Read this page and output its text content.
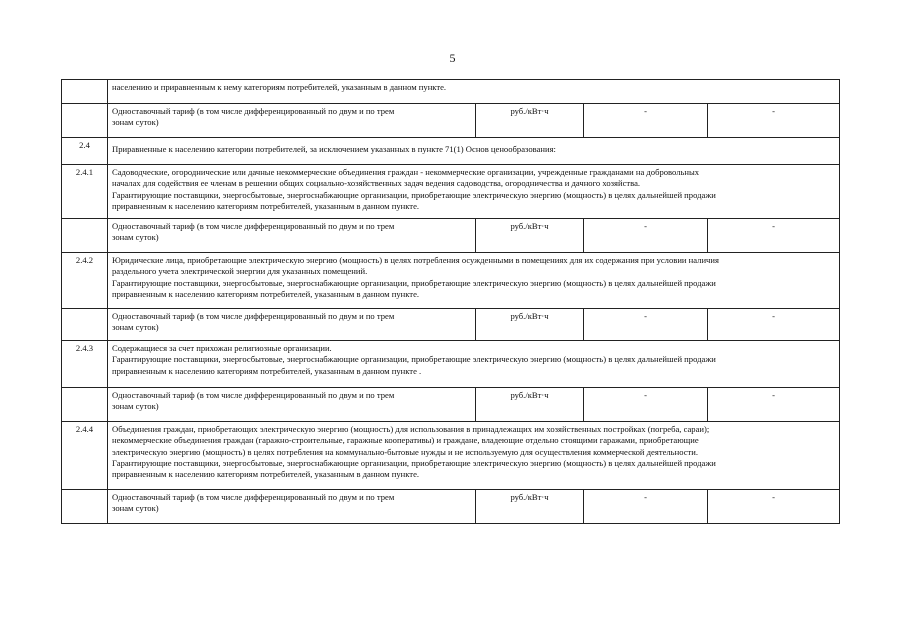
5
	населению и приравненным к нему категориям потребителей, указанным в данном пункте.			

	Одноставочный тариф (в том числе дифференцированный по двум и по трем
зонам суток)	руб./кВт·ч	-	-
2.4	Приравненные к населению категории потребителей, за исключением указанных в пункте 71(1) Основ ценообразования:			
2.4.1	Садоводческие, огороднические или дачные некоммерческие объединения граждан - некоммерческие организации, учрежденные гражданами на добровольных
началах для содействия ее членам в решении общих социально-хозяйственных задач ведения садоводства, огородничества и дачного хозяйства.
Гарантирующие поставщики, энергосбытовые, энергоснабжающие организации, приобретающие электрическую энергию (мощность) в целях дальнейшей продажи
приравненным к населению категориям потребителей, указанным в данном пункте.			

	Одноставочный тариф (в том числе дифференцированный по двум и по трем
зонам суток)	руб./кВт·ч	-	-
2.4.2	Юридические лица, приобретающие электрическую энергию (мощность) в целях потребления осужденными в помещениях для их содержания при условии наличия
раздельного учета электрической энергии для указанных помещений.
Гарантирующие поставщики, энергосбытовые, энергоснабжающие организации, приобретающие электрическую энергию (мощность) в целях дальнейшей продажи
приравненным к населению категориям потребителей, указанным в данном пункте.			

	Одноставочный тариф (в том числе дифференцированный по двум и по трем
зонам суток)	руб./кВт·ч	-	-
2.4.3	Содержащиеся за счет прихожан религиозные организации.
Гарантирующие поставщики, энергосбытовые, энергоснабжающие организации, приобретающие электрическую энергию (мощность) в целях дальнейшей продажи
приравненным к населению категориям потребителей, указанным в данном пункте .			

	Одноставочный тариф (в том числе дифференцированный по двум и по трем
зонам суток)	руб./кВт·ч	-	-
2.4.4	Объединения граждан, приобретающих электрическую энергию (мощность) для использования в принадлежащих им хозяйственных постройках (погреба, сараи);
некоммерческие объединения граждан (гаражно-строительные, гаражные кооперативы) и граждане, владеющие отдельно стоящими гаражами, приобретающие
электрическую энергию (мощность) в целях потребления на коммунально-бытовые нужды и не используемую для осуществления коммерческой деятельности.
Гарантирующие поставщики, энергосбытовые, энергоснабжающие организации, приобретающие электрическую энергию (мощность) в целях дальнейшей продажи
приравненным к населению категориям потребителей, указанным в данном пункте.			

	Одноставочный тариф (в том числе дифференцированный по двум и по трем
зонам суток)	руб./кВт·ч	-	-
